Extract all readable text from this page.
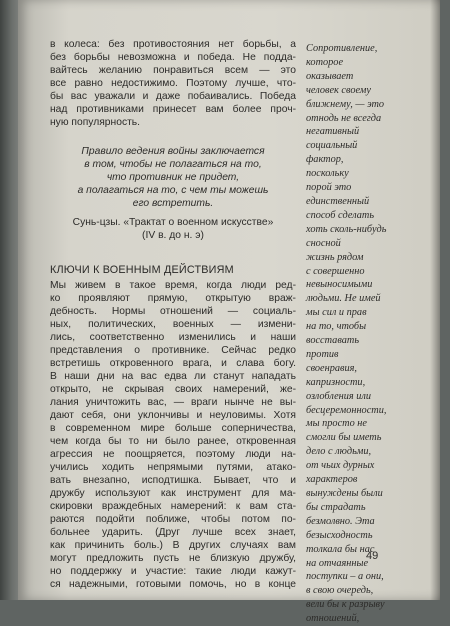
в колеса: без противостояния нет борьбы, а
без борьбы невозможна и победа. Не подда-
вайтесь желанию понравиться всем — это
все равно недостижимо. Поэтому лучше, что-
бы вас уважали и даже побаивались. Победа
над противниками принесет вам более проч-
ную популярность.
Правило ведения войны заключается
в том, чтобы не полагаться на то,
что противник не придет,
а полагаться на то, с чем ты можешь
его встретить.
Сунь-цзы. «Трактат о военном искусстве»
(IV в. до н. э)
КЛЮЧИ К ВОЕННЫМ ДЕЙСТВИЯМ
Мы живем в такое время, когда люди ред-
ко проявляют прямую, открытую враж-
дебность. Нормы отношений — социаль-
ных, политических, военных — измени-
лись, соответственно изменились и наши
представления о противнике. Сейчас редко
встретишь откровенного врага, и слава богу.
В наши дни на вас едва ли станут нападать
открыто, не скрывая своих намерений, же-
лания уничтожить вас, — враги нынче не вы-
дают себя, они уклончивы и неуловимы. Хотя
в современном мире больше соперничества,
чем когда бы то ни было ранее, откровенная
агрессия не поощряется, поэтому люди на-
учились ходить непрямыми путями, атако-
вать внезапно, исподтишка. Бывает, что и
дружбу используют как инструмент для ма-
скировки враждебных намерений: к вам ста-
раются подойти поближе, чтобы потом по-
больнее ударить. (Друг лучше всех знает,
как причинить боль.) В других случаях вам
могут предложить пусть не близкую дружбу,
но поддержку и участие: такие люди кажут-
ся надежными, готовыми помочь, но в конце
Сопротивление,
которое
оказывает
человек своему
ближнему, — это
отнодь не всегда
негативный
социальный
фактор,
поскольку
порой это
единственный
способ сделать
хоть сколь-нибудь
сносной
жизнь рядом
с совершенно
невыносимыми
людьми. Не имей
мы сил и прав
на то, чтобы
восставать
против
своенравия,
капризности,
озлобления или
бесцеремонности,
мы просто не
смогли бы иметь
дело с людьми,
от чьих дурных
характеров
вынуждены были
бы страдать
безмолвно. Эта
безысходность
толкала бы нас
на отчаянные
поступки – а они,
в свою очередь,
вели бы к разрыву
отношений,
49
